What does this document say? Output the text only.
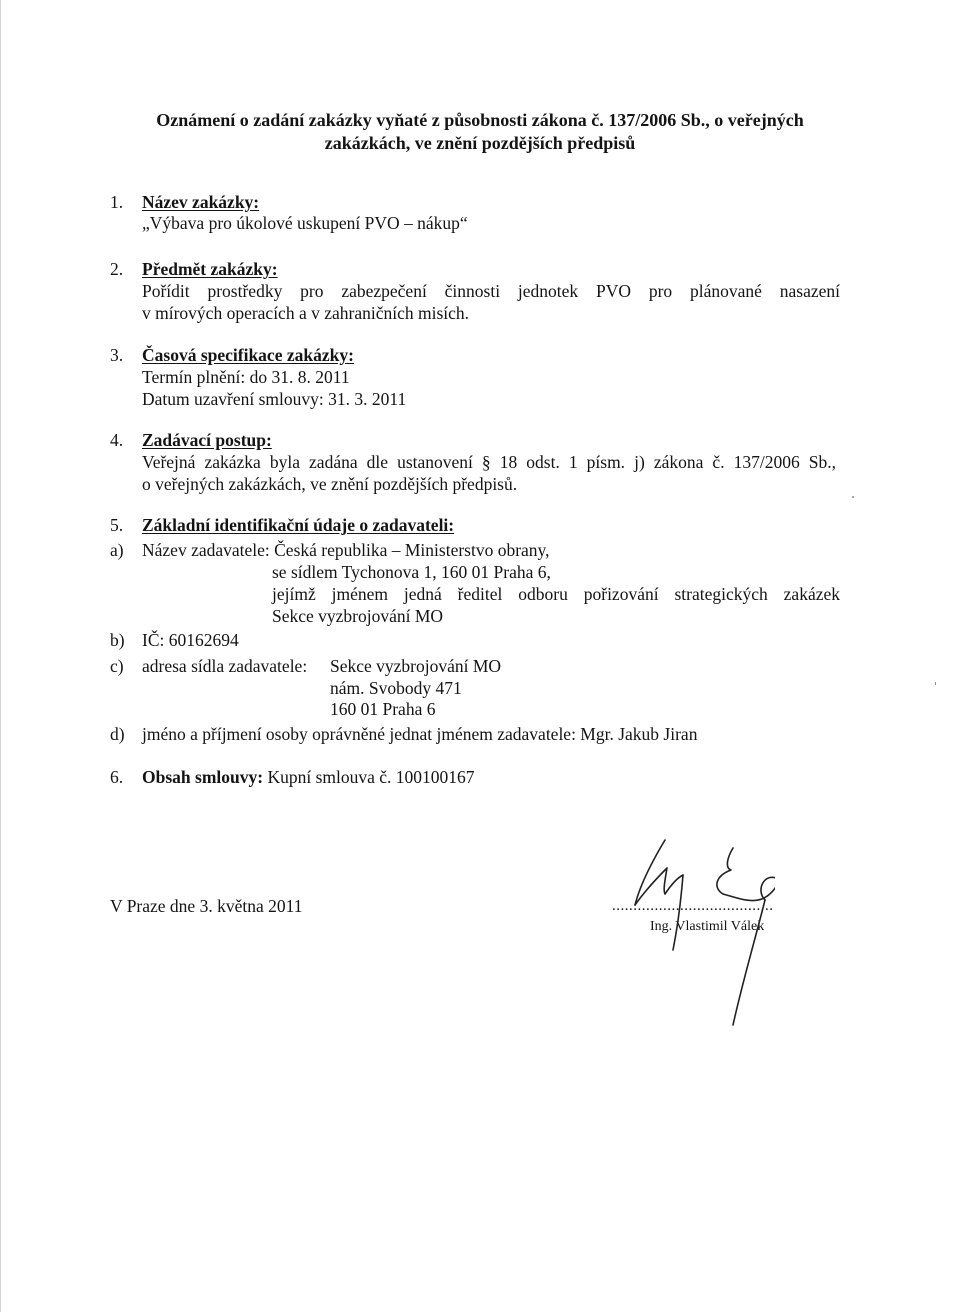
Oznámení o zadání zakázky vyňaté z působnosti zákona č. 137/2006 Sb., o veřejných
zakázkách, ve znění pozdějších předpisů
1. Název zakázky:
„Výbava pro úkolové uskupení PVO – nákup“
2. Předmět zakázky:
Pořídit prostředky pro zabezpečení činnosti jednotek PVO pro plánované nasazení
v mírových operacích a v zahraničních misích.
3. Časová specifikace zakázky:
Termín plnění: do 31. 8. 2011
Datum uzavření smlouvy: 31. 3. 2011
4. Zadávací postup:
Veřejná zakázka byla zadána dle ustanovení § 18 odst. 1 písm. j) zákona č. 137/2006 Sb.,
o veřejných zakázkách, ve znění pozdějších předpisů.
5. Základní identifikační údaje o zadavateli:
a) Název zadavatele: Česká republika – Ministerstvo obrany,
se sídlem Tychonova 1, 160 01 Praha 6,
jejímž jménem jedná ředitel odboru pořizování strategických zakázek
Sekce vyzbrojování MO
b) IČ: 60162694
c) adresa sídla zadavatele: Sekce vyzbrojování MO
nám. Svobody 471
160 01 Praha 6
d) jméno a příjmení osoby oprávněné jednat jménem zadavatele: Mgr. Jakub Jiran
6. Obsah smlouvy: Kupní smlouva č. 100100167
V Praze dne 3. května 2011	......................................
Ing. Vlastimil Válek
